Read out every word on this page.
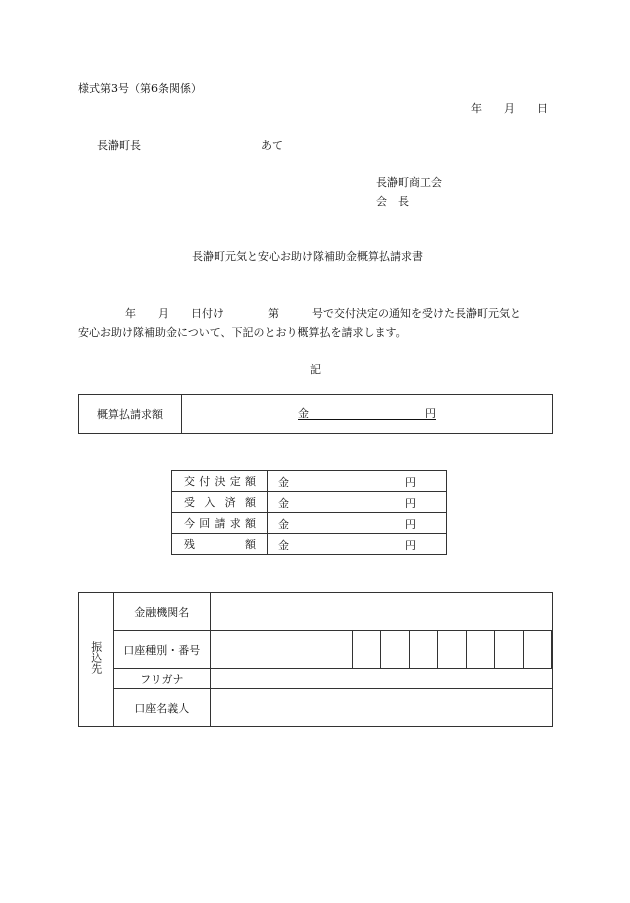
様式第3号（第6条関係）
年　　月　　日
長瀞町長	あて
長瀞町商工会
会　長
長瀞町元気と安心お助け隊補助金概算払請求書
年　　月　　日付け　　　　第　　　号で交付決定の通知を受けた長瀞町元気と
安心お助け隊補助金について、下記のとおり概算払を請求します。
記
概算払請求額	金	円
交付決定額	金 円

受入済額	金 円

今回請求額	金 円

残額	金 円
振込先	金融機関名									
	口座種別・番号									
	フリガナ									
	口座名義人									
